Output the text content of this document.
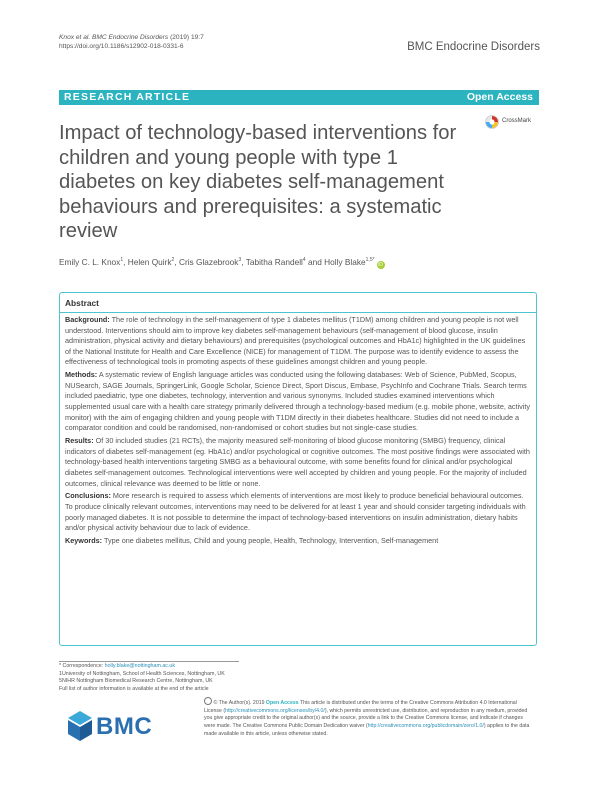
Knox et al. BMC Endocrine Disorders (2019) 19:7
https://doi.org/10.1186/s12902-018-0331-6	BMC Endocrine Disorders
RESEARCH ARTICLE	Open Access
CrossMark
Impact of technology-based interventions for children and young people with type 1 diabetes on key diabetes self-management behaviours and prerequisites: a systematic review
Emily C. L. Knox$^1$, Helen Quirk$^2$, Cris Glazebrook$^3$, Tabitha Randell$^4$ and Holly Blake$^{1,5*}$iD
Abstract

Background: The role of technology in the self-management of type 1 diabetes mellitus (T1DM) among children and young people is not well understood. Interventions should aim to improve key diabetes self-management behaviours (self-management of blood glucose, insulin administration, physical activity and dietary behaviours) and prerequisites (psychological outcomes and HbA1c) highlighted in the UK guidelines of the National Institute for Health and Care Excellence (NICE) for management of T1DM. The purpose was to identify evidence to assess the effectiveness of technological tools in promoting aspects of these guidelines amongst children and young people.

Methods: A systematic review of English language articles was conducted using the following databases: Web of Science, PubMed, Scopus, NUSearch, SAGE Journals, SpringerLink, Google Scholar, Science Direct, Sport Discus, Embase, PsychInfo and Cochrane Trials. Search terms included paediatric, type one diabetes, technology, intervention and various synonyms. Included studies examined interventions which supplemented usual care with a health care strategy primarily delivered through a technology-based medium (e.g. mobile phone, website, activity monitor) with the aim of engaging children and young people with T1DM directly in their diabetes healthcare. Studies did not need to include a comparator condition and could be randomised, non-randomised or cohort studies but not single-case studies.

Results: Of 30 included studies (21 RCTs), the majority measured self-monitoring of blood glucose monitoring (SMBG) frequency, clinical indicators of diabetes self-management (eg. HbA1c) and/or psychological or cognitive outcomes. The most positive findings were associated with technology-based health interventions targeting SMBG as a behavioural outcome, with some benefits found for clinical and/or psychological diabetes self-management outcomes. Technological interventions were well accepted by children and young people. For the majority of included outcomes, clinical relevance was deemed to be little or none.

Conclusions: More research is required to assess which elements of interventions are most likely to produce beneficial behavioural outcomes. To produce clinically relevant outcomes, interventions may need to be delivered for at least 1 year and should consider targeting individuals with poorly managed diabetes. It is not possible to determine the impact of technology-based interventions on insulin administration, dietary habits and/or physical activity behaviour due to lack of evidence.

Keywords: Type one diabetes mellitus, Child and young people, Health, Technology, Intervention, Self-management

* Correspondence: holly.blake@nottingham.ac.uk
1University of Nottingham, School of Health Sciences, Nottingham, UK
5NIHR Nottingham Biomedical Research Centre, Nottingham, UK
Full list of author information is available at the end of the article
BMC
© The Author(s). 2019 Open Access This article is distributed under the terms of the Creative Commons Attribution 4.0 International License (http://creativecommons.org/licenses/by/4.0/), which permits unrestricted use, distribution, and reproduction in any medium, provided you give appropriate credit to the original author(s) and the source, provide a link to the Creative Commons license, and indicate if changes were made. The Creative Commons Public Domain Dedication waiver (http://creativecommons.org/publicdomain/zero/1.0/) applies to the data made available in this article, unless otherwise stated.
